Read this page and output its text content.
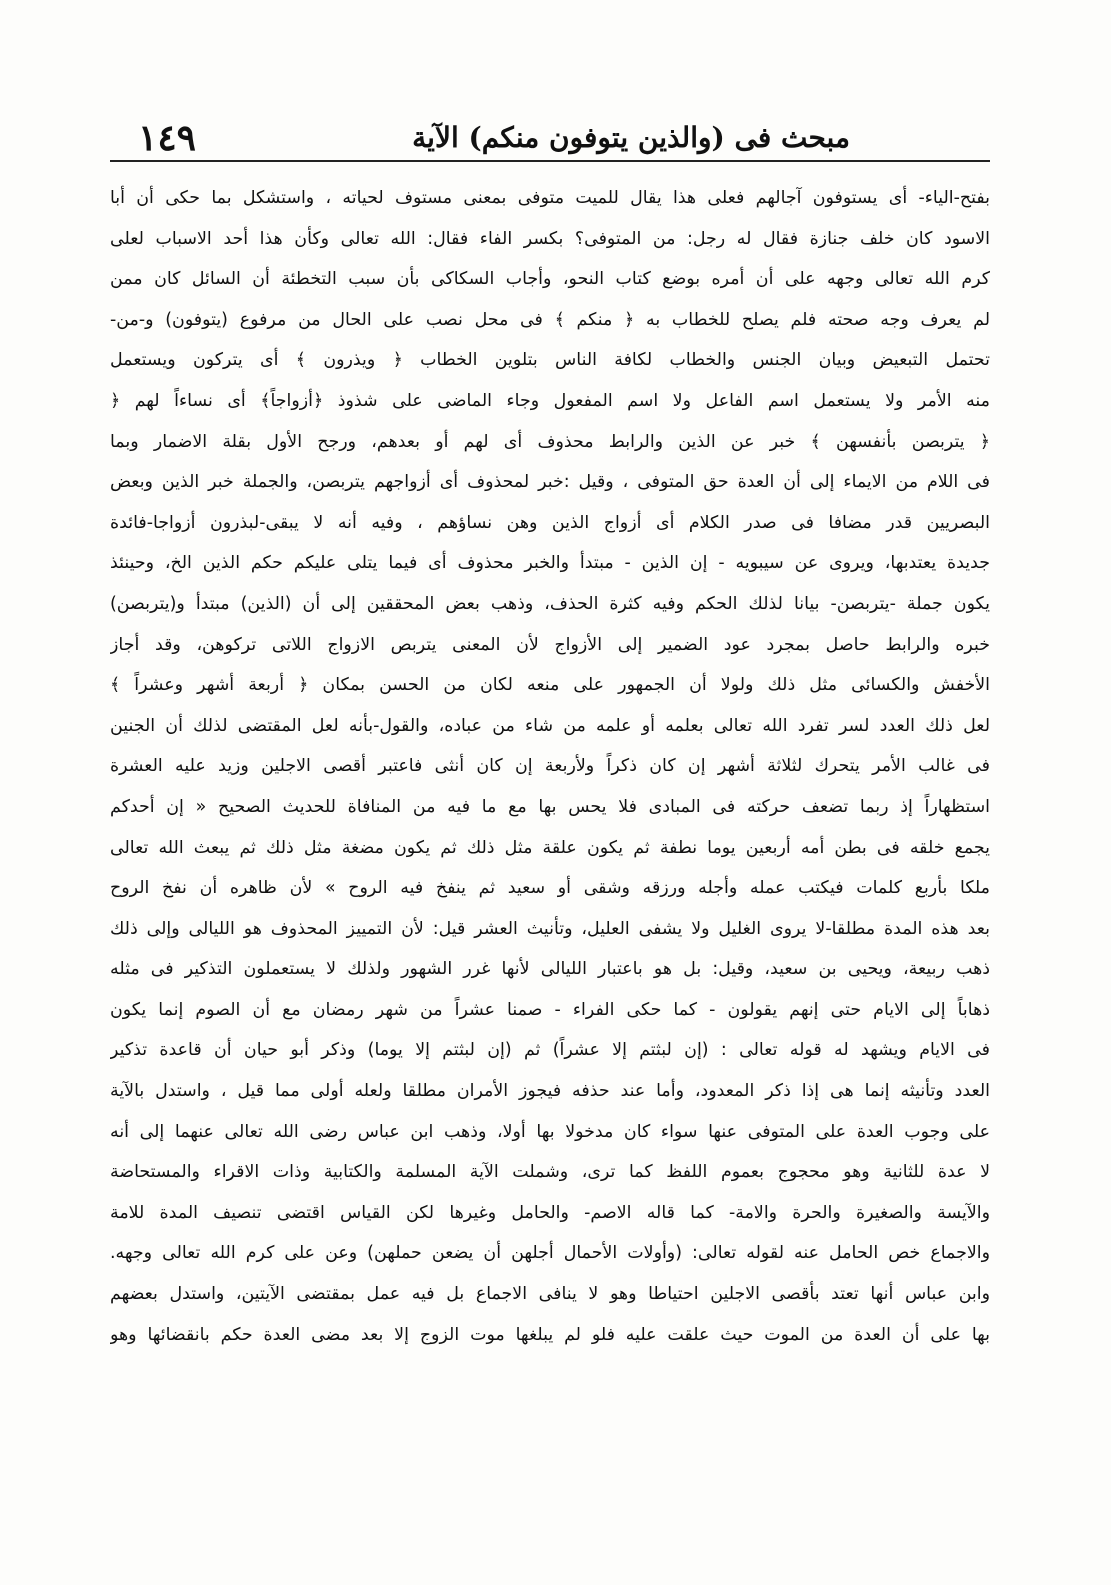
١٤٩	مبحث فى (والذين يتوفون منكم) الآية
بفتح-الياء- أى يستوفون آجالهم فعلى هذا يقال للميت متوفى بمعنى مستوف لحياته ، واستشكل بما حكى أن أبا
الاسود كان خلف جنازة فقال له رجل: من المتوفى؟ بكسر الفاء فقال: الله تعالى وكأن هذا أحد الاسباب لعلى
كرم الله تعالى وجهه على أن أمره بوضع كتاب النحو، وأجاب السكاكى بأن سبب التخطئة أن السائل كان ممن
لم يعرف وجه صحته فلم يصلح للخطاب به ﴿ منكم ﴾ فى محل نصب على الحال من مرفوع (يتوفون) و-من-
تحتمل التبعيض وبيان الجنس والخطاب لكافة الناس بتلوين الخطاب ﴿ ويذرون ﴾ أى يتركون ويستعمل
منه الأمر ولا يستعمل اسم الفاعل ولا اسم المفعول وجاء الماضى على شذوذ ﴿أزواجاً﴾ أى نساءاً لهم ﴿
﴿ يتربصن بأنفسهن ﴾ خبر عن الذين والرابط محذوف أى لهم أو بعدهم، ورجح الأول بقلة الاضمار وبما
فى اللام من الايماء إلى أن العدة حق المتوفى ، وقيل :خبر لمحذوف أى أزواجهم يتربصن، والجملة خبر الذين وبعض
البصريين قدر مضافا فى صدر الكلام أى أزواج الذين وهن نساؤهم ، وفيه أنه لا يبقى-لبذرون أزواجا-فائدة
جديدة يعتدبها، ويروى عن سيبويه - إن الذين - مبتدأ والخبر محذوف أى فيما يتلى عليكم حكم الذين الخ، وحينئذ
يكون جملة -يتربصن- بيانا لذلك الحكم وفيه كثرة الحذف، وذهب بعض المحققين إلى أن (الذين) مبتدأ و(يتربصن)
خبره والرابط حاصل بمجرد عود الضمير إلى الأزواج لأن المعنى يتربص الازواج اللاتى تركوهن، وقد أجاز
الأخفش والكسائى مثل ذلك ولولا أن الجمهور على منعه لكان من الحسن بمكان ﴿ أربعة أشهر وعشراً ﴾
لعل ذلك العدد لسر تفرد الله تعالى بعلمه أو علمه من شاء من عباده، والقول-بأنه لعل المقتضى لذلك أن الجنين
فى غالب الأمر يتحرك لثلاثة أشهر إن كان ذكراً ولأربعة إن كان أنثى فاعتبر أقصى الاجلين وزيد عليه العشرة
استظهاراً إذ ربما تضعف حركته فى المبادى فلا يحس بها مع ما فيه من المنافاة للحديث الصحيح « إن أحدكم
يجمع خلقه فى بطن أمه أربعين يوما نطفة ثم يكون علقة مثل ذلك ثم يكون مضغة مثل ذلك ثم يبعث الله تعالى
ملكا بأربع كلمات فيكتب عمله وأجله ورزقه وشقى أو سعيد ثم ينفخ فيه الروح » لأن ظاهره أن نفخ الروح
بعد هذه المدة مطلقا-لا يروى الغليل ولا يشفى العليل، وتأنيث العشر قيل: لأن التمييز المحذوف هو الليالى وإلى ذلك
ذهب ربيعة، ويحيى بن سعيد، وقيل: بل هو باعتبار الليالى لأنها غرر الشهور ولذلك لا يستعملون التذكير فى مثله
ذهاباً إلى الايام حتى إنهم يقولون - كما حكى الفراء - صمنا عشراً من شهر رمضان مع أن الصوم إنما يكون
فى الايام ويشهد له قوله تعالى : (إن لبثتم إلا عشراً) ثم (إن لبثتم إلا يوما) وذكر أبو حيان أن قاعدة تذكير
العدد وتأنيثه إنما هى إذا ذكر المعدود، وأما عند حذفه فيجوز الأمران مطلقا ولعله أولى مما قيل ، واستدل بالآية
على وجوب العدة على المتوفى عنها سواء كان مدخولا بها أولا، وذهب ابن عباس رضى الله تعالى عنهما إلى أنه
لا عدة للثانية وهو محجوج بعموم اللفظ كما ترى، وشملت الآية المسلمة والكتابية وذات الاقراء والمستحاضة
والآيسة والصغيرة والحرة والامة- كما قاله الاصم- والحامل وغيرها لكن القياس اقتضى تنصيف المدة للامة
والاجماع خص الحامل عنه لقوله تعالى: (وأولات الأحمال أجلهن أن يضعن حملهن) وعن على كرم الله تعالى وجهه.
وابن عباس أنها تعتد بأقصى الاجلين احتياطا وهو لا ينافى الاجماع بل فيه عمل بمقتضى الآيتين، واستدل بعضهم
بها على أن العدة من الموت حيث علقت عليه فلو لم يبلغها موت الزوج إلا بعد مضى العدة حكم بانقضائها وهو
